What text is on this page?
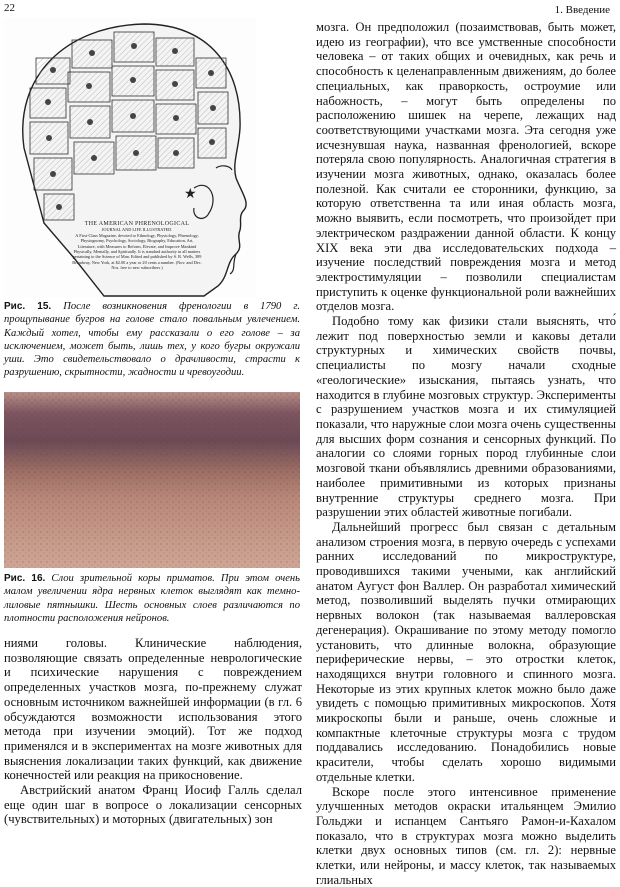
22	1. Введение
★
THE AMERICAN PHRENOLOGICAL
JOURNAL AND LIFE ILLUSTRATED.
A First-Class Magazine, devoted to Ethnology, Physiology, Phrenology, Physiognomy, Psychology, Sociology, Biography, Education, Art, Literature, with Measures to Reform, Elevate, and Improve Mankind Physically, Mentally, and Spiritually. It is standard authority in all matters pertaining to the Science of Man. Edited and published by S. R. Wells, 389 Broadway, New York, at $2.00 a year or 20 cents a number. (Nov. and Dec. Nos. free to new subscribers.)
Рис. 15. После возникновения френологии в 1790 г. прощупывание бугров на голове стало повальным увлечением. Каждый хотел, чтобы ему рассказали о его голове – за исключением, может быть, лишь тех, у кого бугры окружали уши. Это свидетельствовало о драчливости, страсти к разрушению, скрытности, жадности и чревоугодии.
Рис. 16. Слои зрительной коры приматов. При этом очень малом увеличении ядра нервных клеток выглядят как темно-лиловые пятнышки. Шесть основных слоев различаются по плотности расположения нейронов.

ниями головы. Клинические наблюдения, позволяющие связать определенные неврологические и психические нарушения с повреждением определенных участков мозга, по-прежнему служат основным источником важнейшей информации (в гл. 6 обсуждаются возможности использования этого метода при изучении эмоций). Тот же подход применялся и в экспериментах на мозге животных для выяснения локализации таких функций, как движение конечностей или реакция на прикосновение.

Австрийский анатом Франц Иосиф Галль сделал еще один шаг в вопросе о локализации сенсорных (чувствительных) и моторных (двигательных) зон

мозга. Он предположил (позаимствовав, быть может, идею из географии), что все умственные способности человека – от таких общих и очевидных, как речь и способность к целенаправленным движениям, до более специальных, как праворкость, остроумие или набожность, – могут быть определены по расположению шишек на черепе, лежащих над соответствующими участками мозга. Эта сегодня уже исчезнувшая наука, названная френологией, вскоре потеряла свою популярность. Аналогичная стратегия в изучении мозга животных, однако, оказалась более полезной. Как считали ее сторонники, функцию, за которую ответственна та или иная область мозга, можно выявить, если посмотреть, что произойдет при электрическом раздражении данной области. К концу XIX века эти два исследовательских подхода – изучение последствий повреждения мозга и метод электростимуляции – позволили специалистам приступить к оценке функциональной роли важнейших отделов мозга.

Подобно тому как физики стали выяснять, что́ лежит под поверхностью земли и каковы детали структурных и химических свойств почвы, специалисты по мозгу начали сходные «геологические» изыскания, пытаясь узнать, что находится в глубине мозговых структур. Эксперименты с разрушением участков мозга и их стимуляцией показали, что наружные слои мозга очень существенны для высших форм сознания и сенсорных функций. По аналогии со слоями горных пород глубинные слои мозговой ткани объявлялись древними образованиями, наиболее примитивными из которых признаны внутренние структуры среднего мозга. При разрушении этих областей животные погибали.

Дальнейший прогресс был связан с детальным анализом строения мозга, в первую очередь с успехами ранних исследований по микроструктуре, проводившихся такими учеными, как английский анатом Аугуст фон Валлер. Он разработал химический метод, позволивший выделять пучки отмирающих нервных волокон (так называемая валлеровская дегенерация). Окрашивание по этому методу помогло установить, что длинные волокна, образующие периферические нервы, – это отростки клеток, находящихся внутри головного и спинного мозга. Некоторые из этих крупных клеток можно было даже увидеть с помощью примитивных микроскопов. Хотя микроскопы были и раньше, очень сложные и компактные клеточные структуры мозга с трудом поддавались исследованию. Понадобились новые красители, чтобы сделать хорошо видимыми отдельные клетки.

Вскоре после этого интенсивное применение улучшенных методов окраски итальянцем Эмилио Гольджи и испанцем Сантьяго Рамон-и-Кахалом показало, что в структурах мозга можно выделить клетки двух основных типов (см. гл. 2): нервные клетки, или нейроны, и массу клеток, так называемых глиальных
